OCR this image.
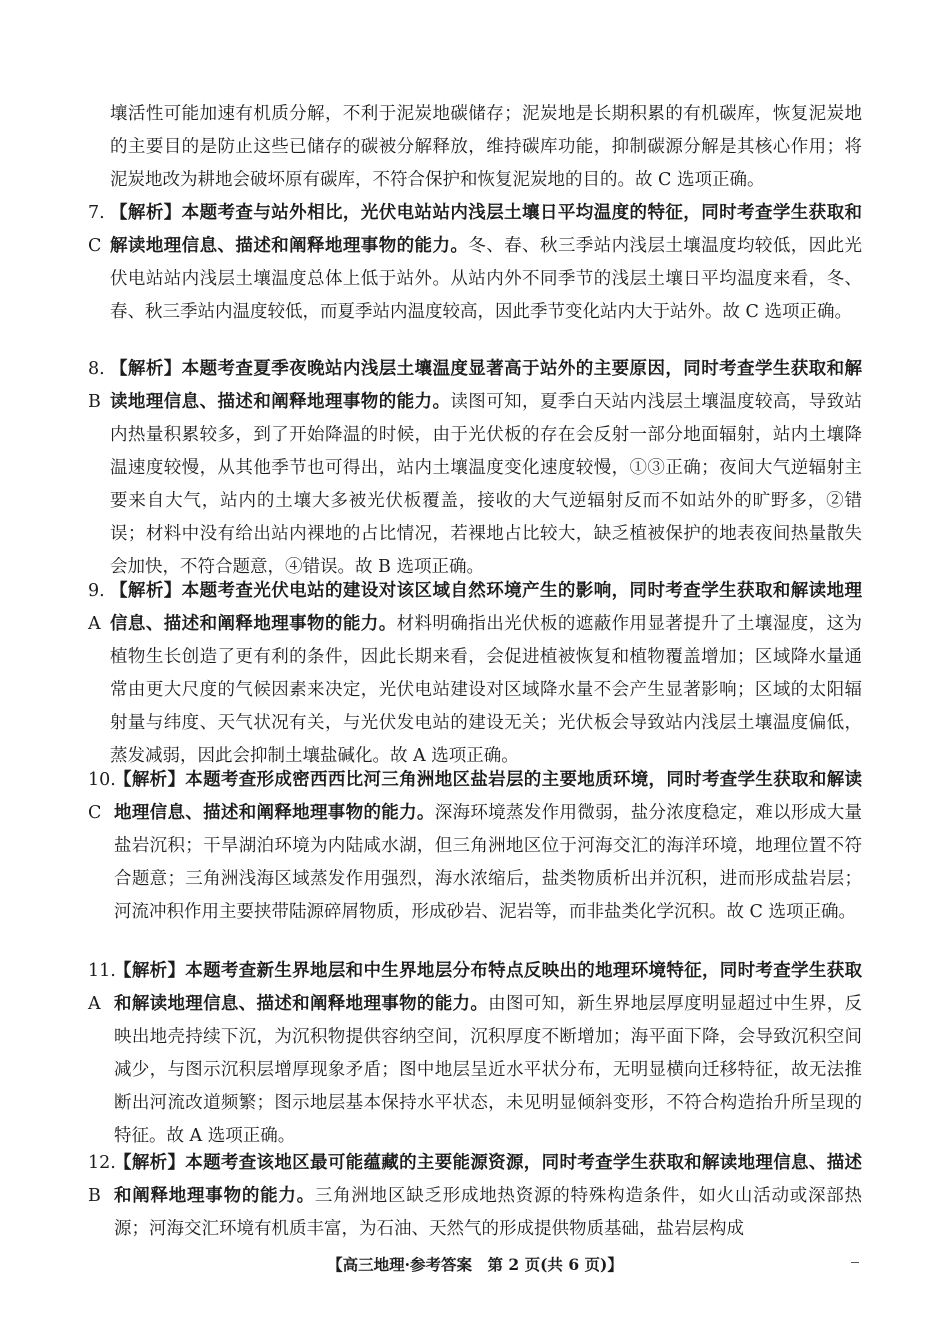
壤活性可能加速有机质分解，不利于泥炭地碳储存；泥炭地是长期积累的有机碳库，恢复泥炭地的主要目的是防止这些已储存的碳被分解释放，维持碳库功能，抑制碳源分解是其核心作用；将泥炭地改为耕地会破坏原有碳库，不符合保护和恢复泥炭地的目的。故 C 选项正确。
7. C
【解析】本题考查与站外相比，光伏电站站内浅层土壤日平均温度的特征，同时考查学生获取和解读地理信息、描述和阐释地理事物的能力。冬、春、秋三季站内浅层土壤温度均较低，因此光伏电站站内浅层土壤温度总体上低于站外。从站内外不同季节的浅层土壤日平均温度来看，冬、春、秋三季站内温度较低，而夏季站内温度较高，因此季节变化站内大于站外。故 C 选项正确。
8. B
【解析】本题考查夏季夜晚站内浅层土壤温度显著高于站外的主要原因，同时考查学生获取和解读地理信息、描述和阐释地理事物的能力。读图可知，夏季白天站内浅层土壤温度较高，导致站内热量积累较多，到了开始降温的时候，由于光伏板的存在会反射一部分地面辐射，站内土壤降温速度较慢，从其他季节也可得出，站内土壤温度变化速度较慢，①③正确；夜间大气逆辐射主要来自大气，站内的土壤大多被光伏板覆盖，接收的大气逆辐射反而不如站外的旷野多，②错误；材料中没有给出站内裸地的占比情况，若裸地占比较大，缺乏植被保护的地表夜间热量散失会加快，不符合题意，④错误。故 B 选项正确。
9. A
【解析】本题考查光伏电站的建设对该区域自然环境产生的影响，同时考查学生获取和解读地理信息、描述和阐释地理事物的能力。材料明确指出光伏板的遮蔽作用显著提升了土壤湿度，这为植物生长创造了更有利的条件，因此长期来看，会促进植被恢复和植物覆盖增加；区域降水量通常由更大尺度的气候因素来决定，光伏电站建设对区域降水量不会产生显著影响；区域的太阳辐射量与纬度、天气状况有关，与光伏发电站的建设无关；光伏板会导致站内浅层土壤温度偏低，蒸发减弱，因此会抑制土壤盐碱化。故 A 选项正确。
10. C
【解析】本题考查形成密西西比河三角洲地区盐岩层的主要地质环境，同时考查学生获取和解读地理信息、描述和阐释地理事物的能力。深海环境蒸发作用微弱，盐分浓度稳定，难以形成大量盐岩沉积；干旱湖泊环境为内陆咸水湖，但三角洲地区位于河海交汇的海洋环境，地理位置不符合题意；三角洲浅海区域蒸发作用强烈，海水浓缩后，盐类物质析出并沉积，进而形成盐岩层；河流冲积作用主要挟带陆源碎屑物质，形成砂岩、泥岩等，而非盐类化学沉积。故 C 选项正确。
11. A
【解析】本题考查新生界地层和中生界地层分布特点反映出的地理环境特征，同时考查学生获取和解读地理信息、描述和阐释地理事物的能力。由图可知，新生界地层厚度明显超过中生界，反映出地壳持续下沉，为沉积物提供容纳空间，沉积厚度不断增加；海平面下降，会导致沉积空间减少，与图示沉积层增厚现象矛盾；图中地层呈近水平状分布，无明显横向迁移特征，故无法推断出河流改道频繁；图示地层基本保持水平状态，未见明显倾斜变形，不符合构造抬升所呈现的特征。故 A 选项正确。
12. B
【解析】本题考查该地区最可能蕴藏的主要能源资源，同时考查学生获取和解读地理信息、描述和阐释地理事物的能力。三角洲地区缺乏形成地热资源的特殊构造条件，如火山活动或深部热源；河海交汇环境有机质丰富，为石油、天然气的形成提供物质基础，盐岩层构成
【高三地理·参考答案　第 2 页(共 6 页)】
